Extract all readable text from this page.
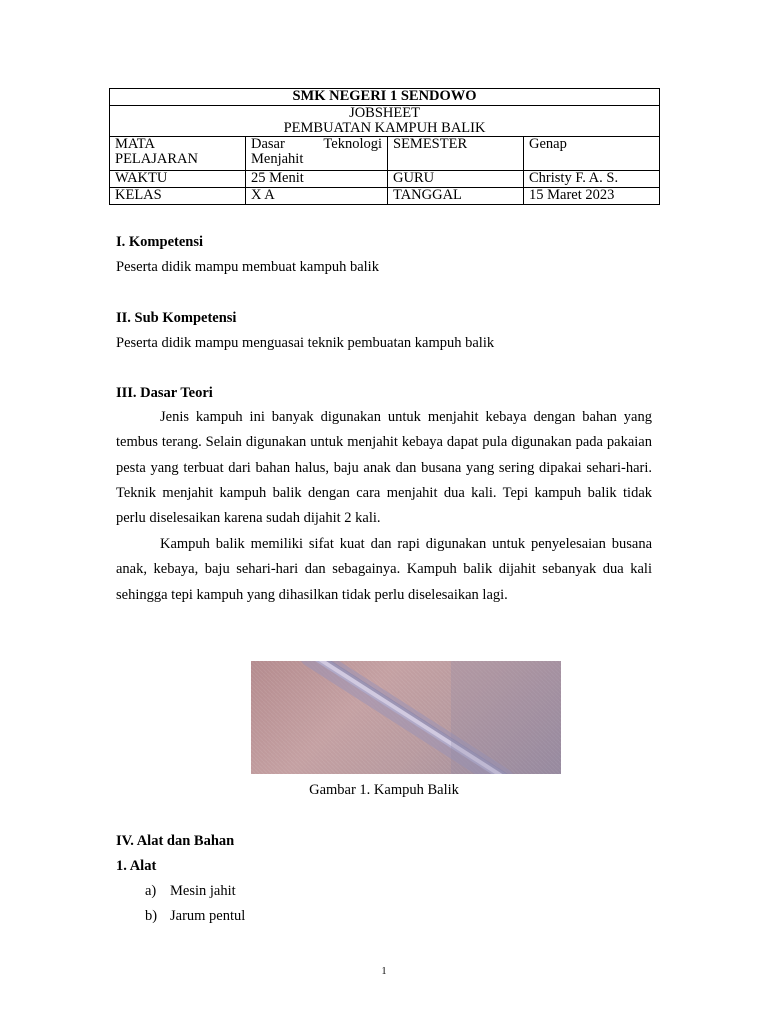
SMK NEGERI 1 SENDOWO			

JOBSHEET
PEMBUATAN KAMPUH BALIK			

MATA PELAJARAN	Dasar Teknologi Menjahit	SEMESTER	Genap
WAKTU	25 Menit	GURU	Christy F. A. S.
KELAS	X A	TANGGAL	15 Maret 2023
I. Kompetensi
Peserta didik mampu membuat kampuh balik
II. Sub Kompetensi
Peserta didik mampu menguasai teknik pembuatan kampuh balik
III. Dasar Teori
Jenis kampuh ini banyak digunakan untuk menjahit kebaya dengan bahan yang tembus terang. Selain digunakan untuk menjahit kebaya dapat pula digunakan pada pakaian pesta yang terbuat dari bahan halus, baju anak dan busana yang sering dipakai sehari-hari. Teknik menjahit kampuh balik dengan cara menjahit dua kali. Tepi kampuh balik tidak perlu diselesaikan karena sudah dijahit 2 kali.
Kampuh balik memiliki sifat kuat dan rapi digunakan untuk penyelesaian busana anak, kebaya, baju sehari-hari dan sebagainya. Kampuh balik dijahit sebanyak dua kali sehingga tepi kampuh yang dihasilkan tidak perlu diselesaikan lagi.
Gambar 1. Kampuh Balik
IV. Alat dan Bahan
1. Alat
a) Mesin jahit
b) Jarum pentul
1
